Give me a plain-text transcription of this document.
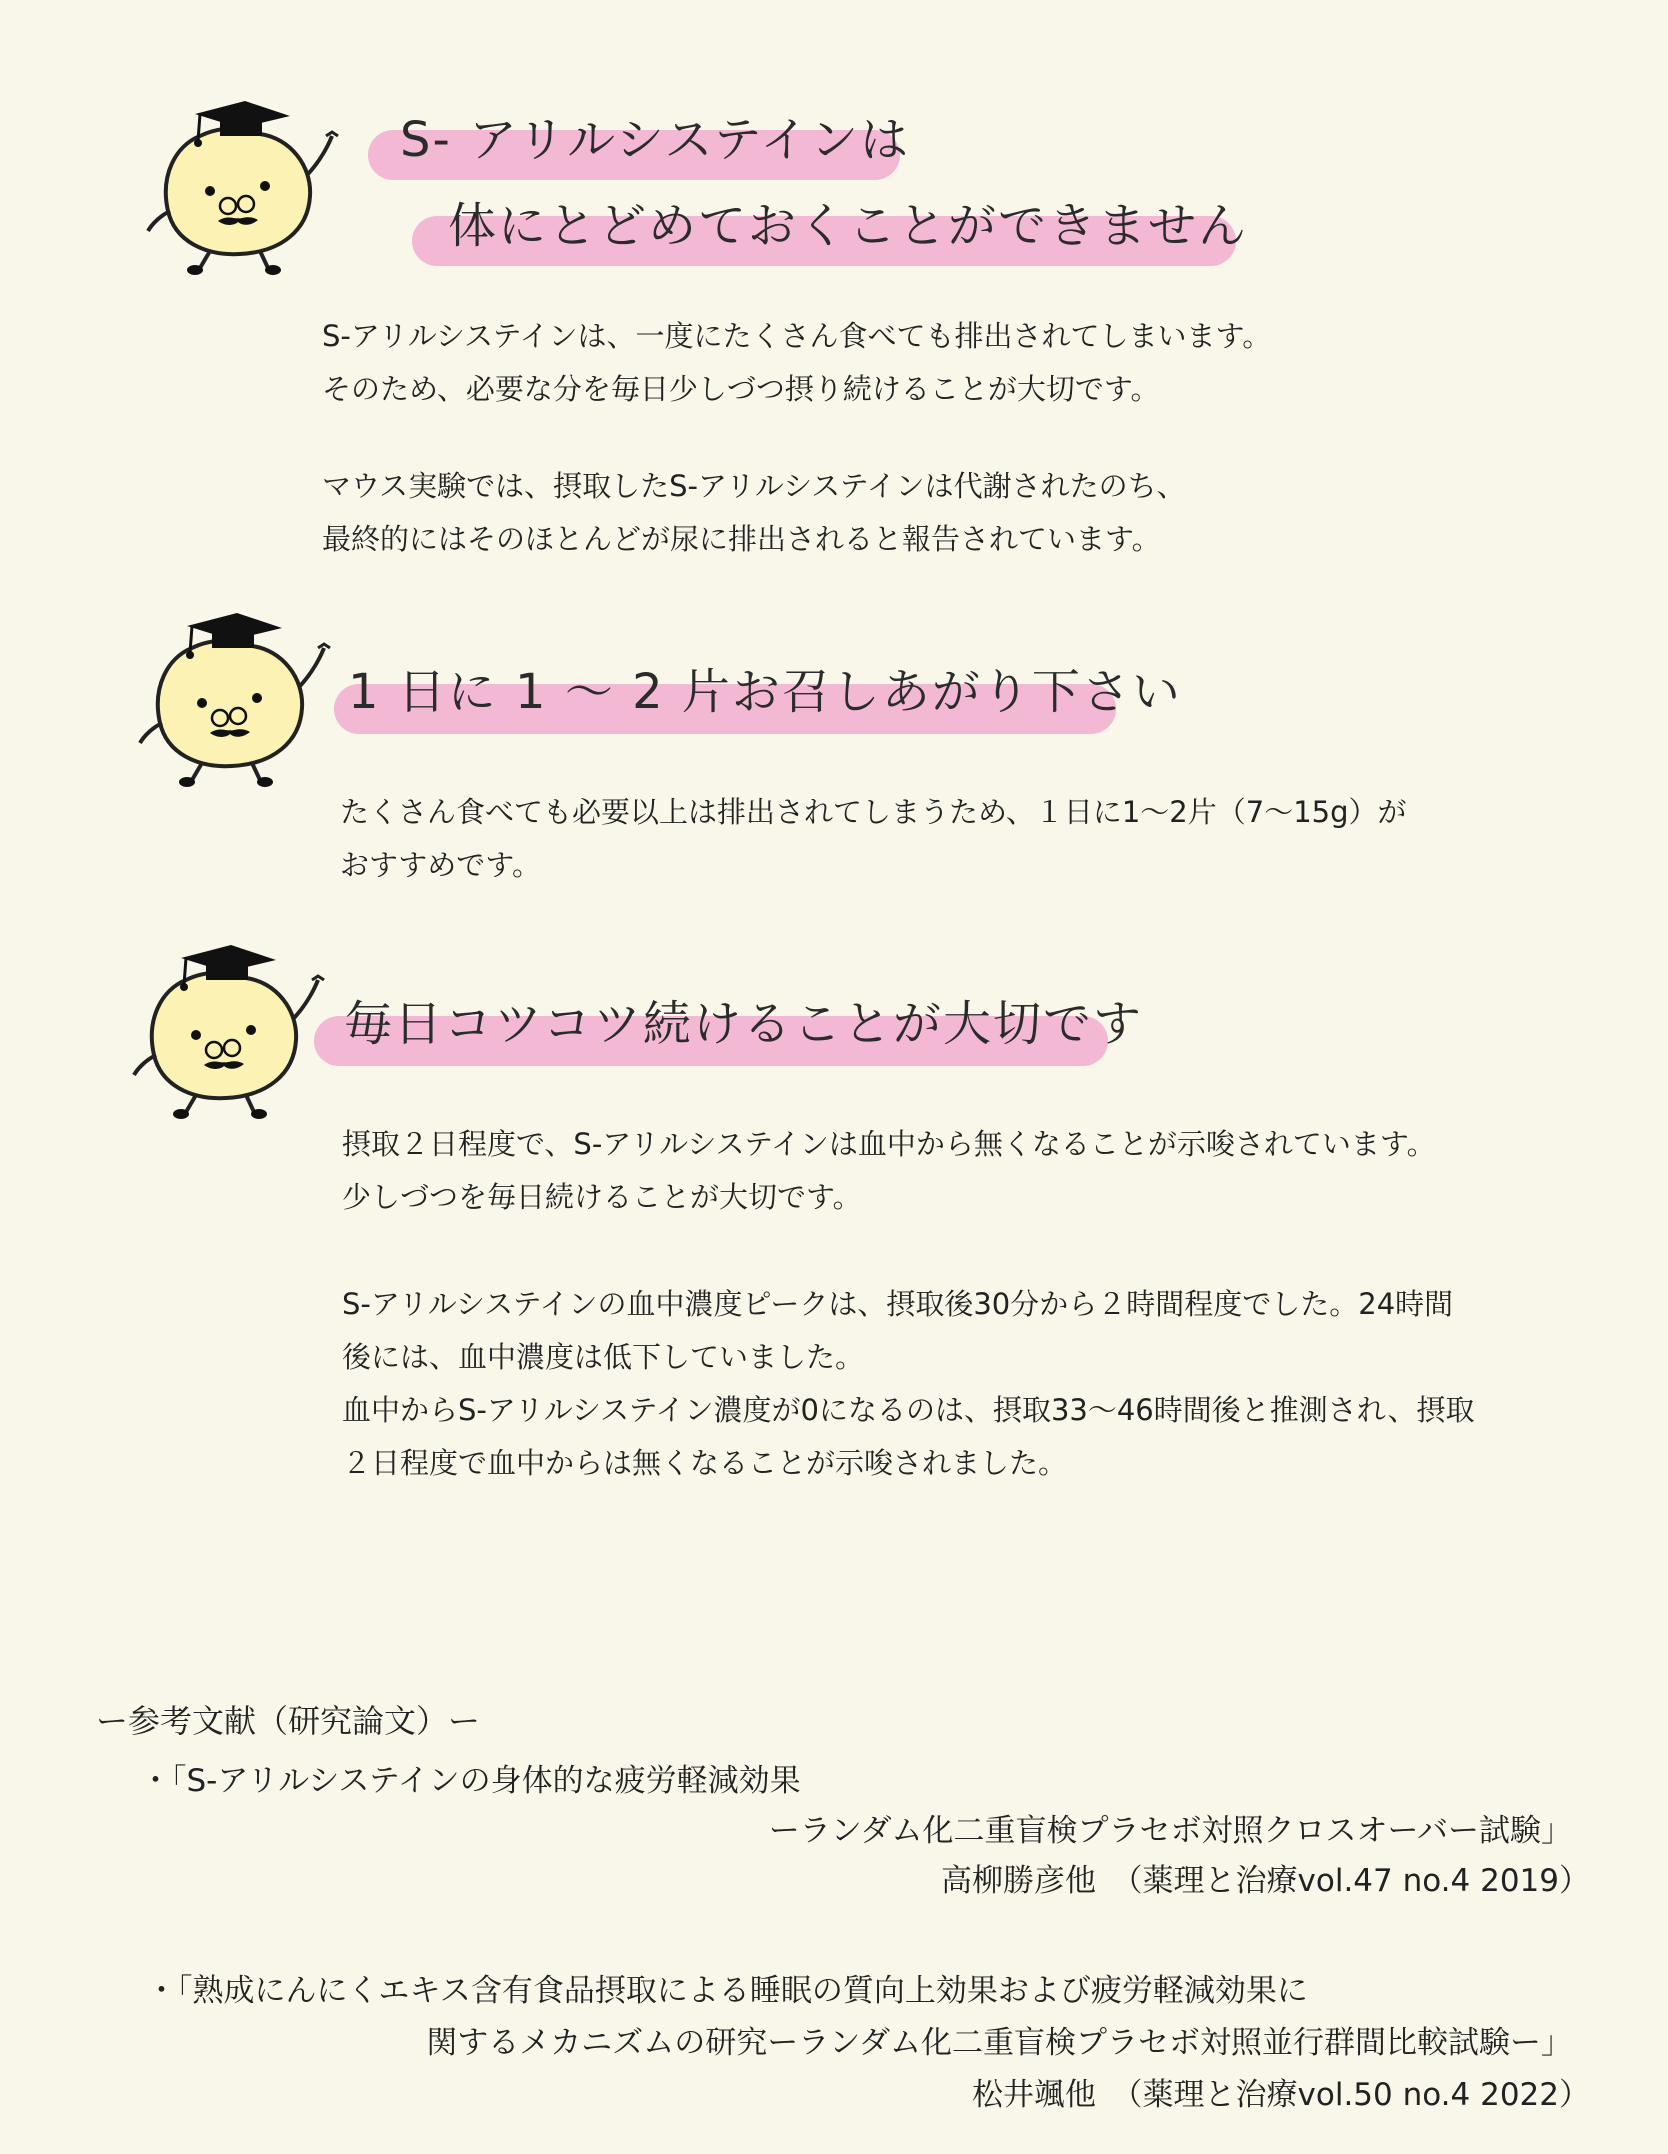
S- アリルシステインは
体にとどめておくことができません
S-アリルシステインは、一度にたくさん食べても排出されてしまいます。
そのため、必要な分を毎日少しづつ摂り続けることが大切です。
マウス実験では、摂取したS-アリルシステインは代謝されたのち、
最終的にはそのほとんどが尿に排出されると報告されています。
1 日に 1 ～ 2 片お召しあがり下さい
たくさん食べても必要以上は排出されてしまうため、１日に1～2片（7～15g）が
おすすめです。
毎日コツコツ続けることが大切です
摂取２日程度で、S-アリルシステインは血中から無くなることが示唆されています。
少しづつを毎日続けることが大切です。
S-アリルシステインの血中濃度ピークは、摂取後30分から２時間程度でした。24時間
後には、血中濃度は低下していました。
血中からS-アリルシステイン濃度が0になるのは、摂取33～46時間後と推測され、摂取
２日程度で血中からは無くなることが示唆されました。
ー参考文献（研究論文）ー
・「S-アリルシステインの身体的な疲労軽減効果
ーランダム化二重盲検プラセボ対照クロスオーバー試験」
高柳勝彦他　（薬理と治療vol.47 no.4 2019）
・「熟成にんにくエキス含有食品摂取による睡眠の質向上効果および疲労軽減効果に
関するメカニズムの研究ーランダム化二重盲検プラセボ対照並行群間比較試験ー」
松井颯他　（薬理と治療vol.50 no.4 2022）
